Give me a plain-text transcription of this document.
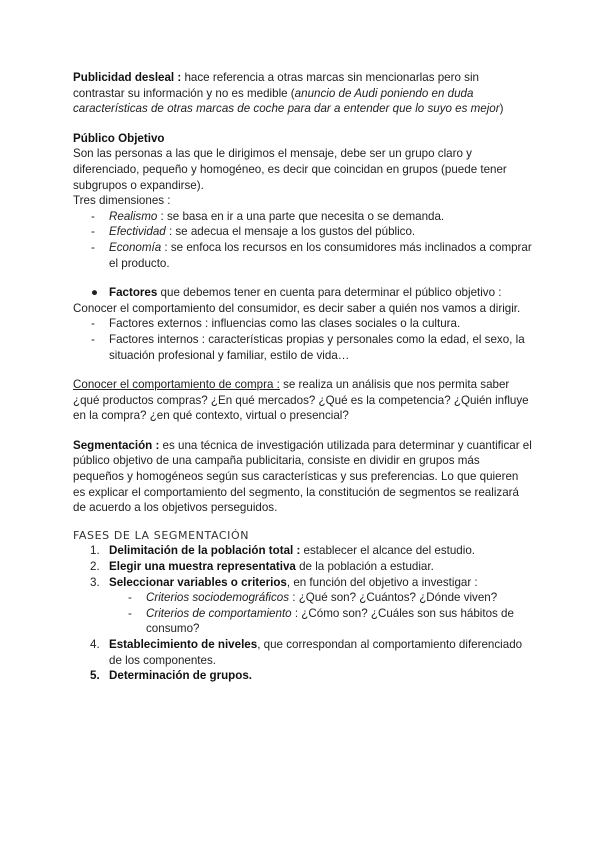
Publicidad desleal : hace referencia a otras marcas sin mencionarlas pero sin contrastar su información y no es medible (anuncio de Audi poniendo en duda características de otras marcas de coche para dar a entender que lo suyo es mejor)

Público Objetivo

Son las personas a las que le dirigimos el mensaje, debe ser un grupo claro y diferenciado, pequeño y homogéneo, es decir que coincidan en grupos (puede tener subgrupos o expandirse).

Tres dimensiones :

- Realismo : se basa en ir a una parte que necesita o se demanda.
- Efectividad : se adecua el mensaje a los gustos del público.
- Economía : se enfoca los recursos en los consumidores más inclinados a comprar el producto.
● Factores que debemos tener en cuenta para determinar el público objetivo : Conocer el comportamiento del consumidor, es decir saber a quién nos vamos a dirigir.

- Factores externos : influencias como las clases sociales o la cultura.
- Factores internos : características propias y personales como la edad, el sexo, la situación profesional y familiar, estilo de vida…

Conocer el comportamiento de compra : se realiza un análisis que nos permita saber ¿qué productos compras? ¿En qué mercados? ¿Qué es la competencia? ¿Quién influye en la compra? ¿en qué contexto, virtual o presencial?

Segmentación : es una técnica de investigación utilizada para determinar y cuantificar el público objetivo de una campaña publicitaria, consiste en dividir en grupos más pequeños y homogéneos según sus características y sus preferencias. Lo que quieren es explicar el comportamiento del segmento, la constitución de segmentos se realizará de acuerdo a los objetivos perseguidos.

FASES DE LA SEGMENTACIÓN

1. Delimitación de la población total : establecer el alcance del estudio.
2. Elegir una muestra representativa de la población a estudiar.
3. Seleccionar variables o criterios, en función del objetivo a investigar :
- Criterios sociodemográficos : ¿Qué son? ¿Cuántos? ¿Dónde viven?
- Criterios de comportamiento : ¿Cómo son? ¿Cuáles son sus hábitos de consumo?
4. Establecimiento de niveles, que correspondan al comportamiento diferenciado de los componentes.
5. Determinación de grupos.
